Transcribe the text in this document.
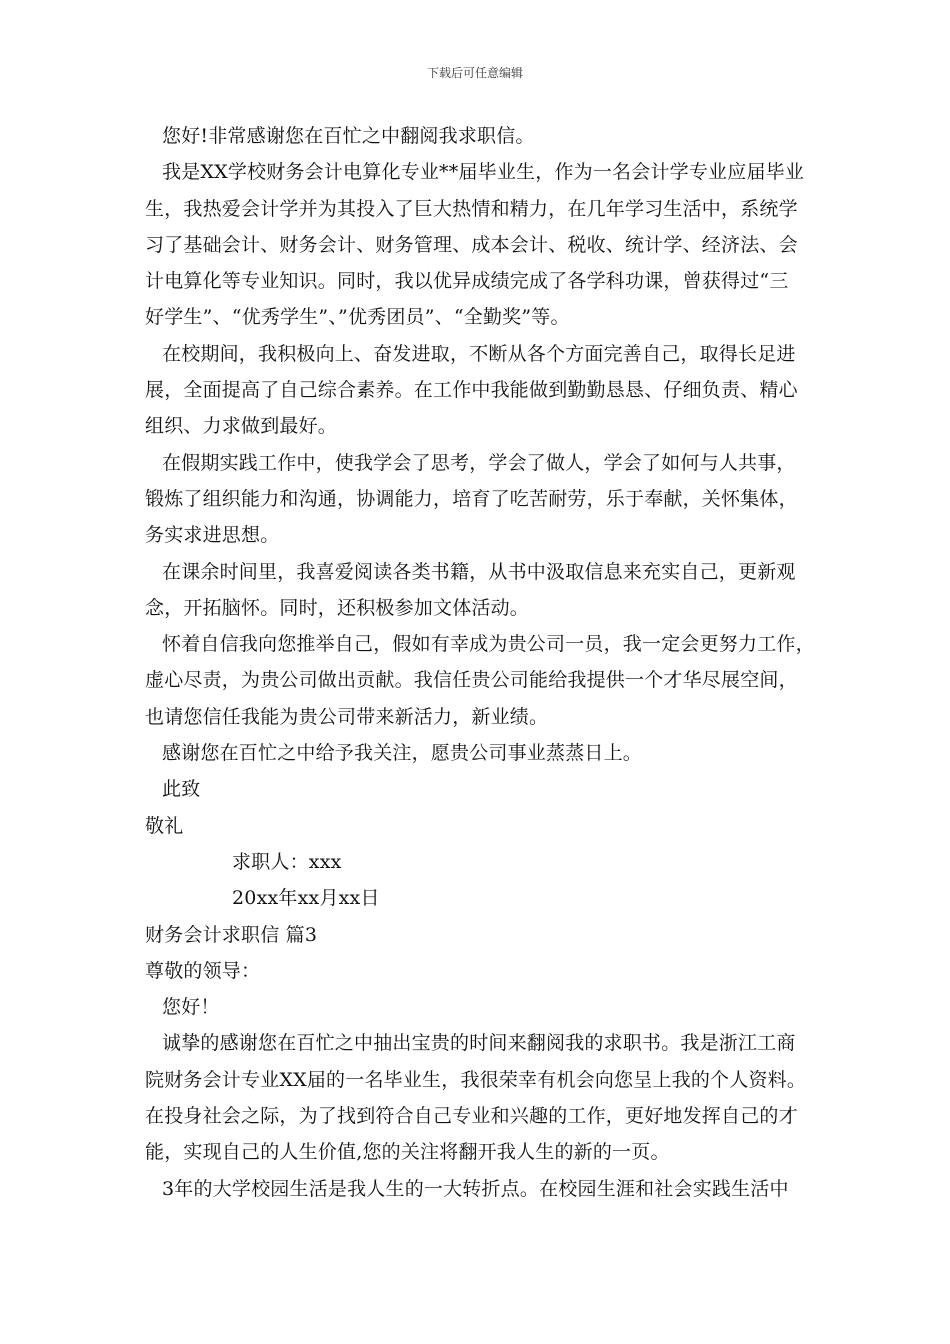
下载后可任意编辑
您好!非常感谢您在百忙之中翻阅我求职信。
我是XX学校财务会计电算化专业**届毕业生，作为一名会计学专业应届毕业
生，我热爱会计学并为其投入了巨大热情和精力，在几年学习生活中，系统学
习了基础会计、财务会计、财务管理、成本会计、税收、统计学、经济法、会
计电算化等专业知识。同时，我以优异成绩完成了各学科功课，曾获得过“三
好学生”、“优秀学生”、”优秀团员”、“全勤奖”等。
在校期间，我积极向上、奋发进取，不断从各个方面完善自己，取得长足进
展，全面提高了自己综合素养。在工作中我能做到勤勤恳恳、仔细负责、精心
组织、力求做到最好。
在假期实践工作中，使我学会了思考，学会了做人，学会了如何与人共事，
锻炼了组织能力和沟通，协调能力，培育了吃苦耐劳，乐于奉献，关怀集体，
务实求进思想。
在课余时间里，我喜爱阅读各类书籍，从书中汲取信息来充实自己，更新观
念，开拓脑怀。同时，还积极参加文体活动。
怀着自信我向您推举自己，假如有幸成为贵公司一员，我一定会更努力工作，
虚心尽责，为贵公司做出贡献。我信任贵公司能给我提供一个才华尽展空间，
也请您信任我能为贵公司带来新活力，新业绩。
感谢您在百忙之中给予我关注，愿贵公司事业蒸蒸日上。
此致
敬礼
求职人：xxx
20xx年xx月xx日
财务会计求职信 篇3
尊敬的领导：
您好！
诚挚的感谢您在百忙之中抽出宝贵的时间来翻阅我的求职书。我是浙江工商
院财务会计专业XX届的一名毕业生，我很荣幸有机会向您呈上我的个人资料。
在投身社会之际，为了找到符合自己专业和兴趣的工作，更好地发挥自己的才
能，实现自己的人生价值,您的关注将翻开我人生的新的一页。
3年的大学校园生活是我人生的一大转折点。在校园生涯和社会实践生活中
